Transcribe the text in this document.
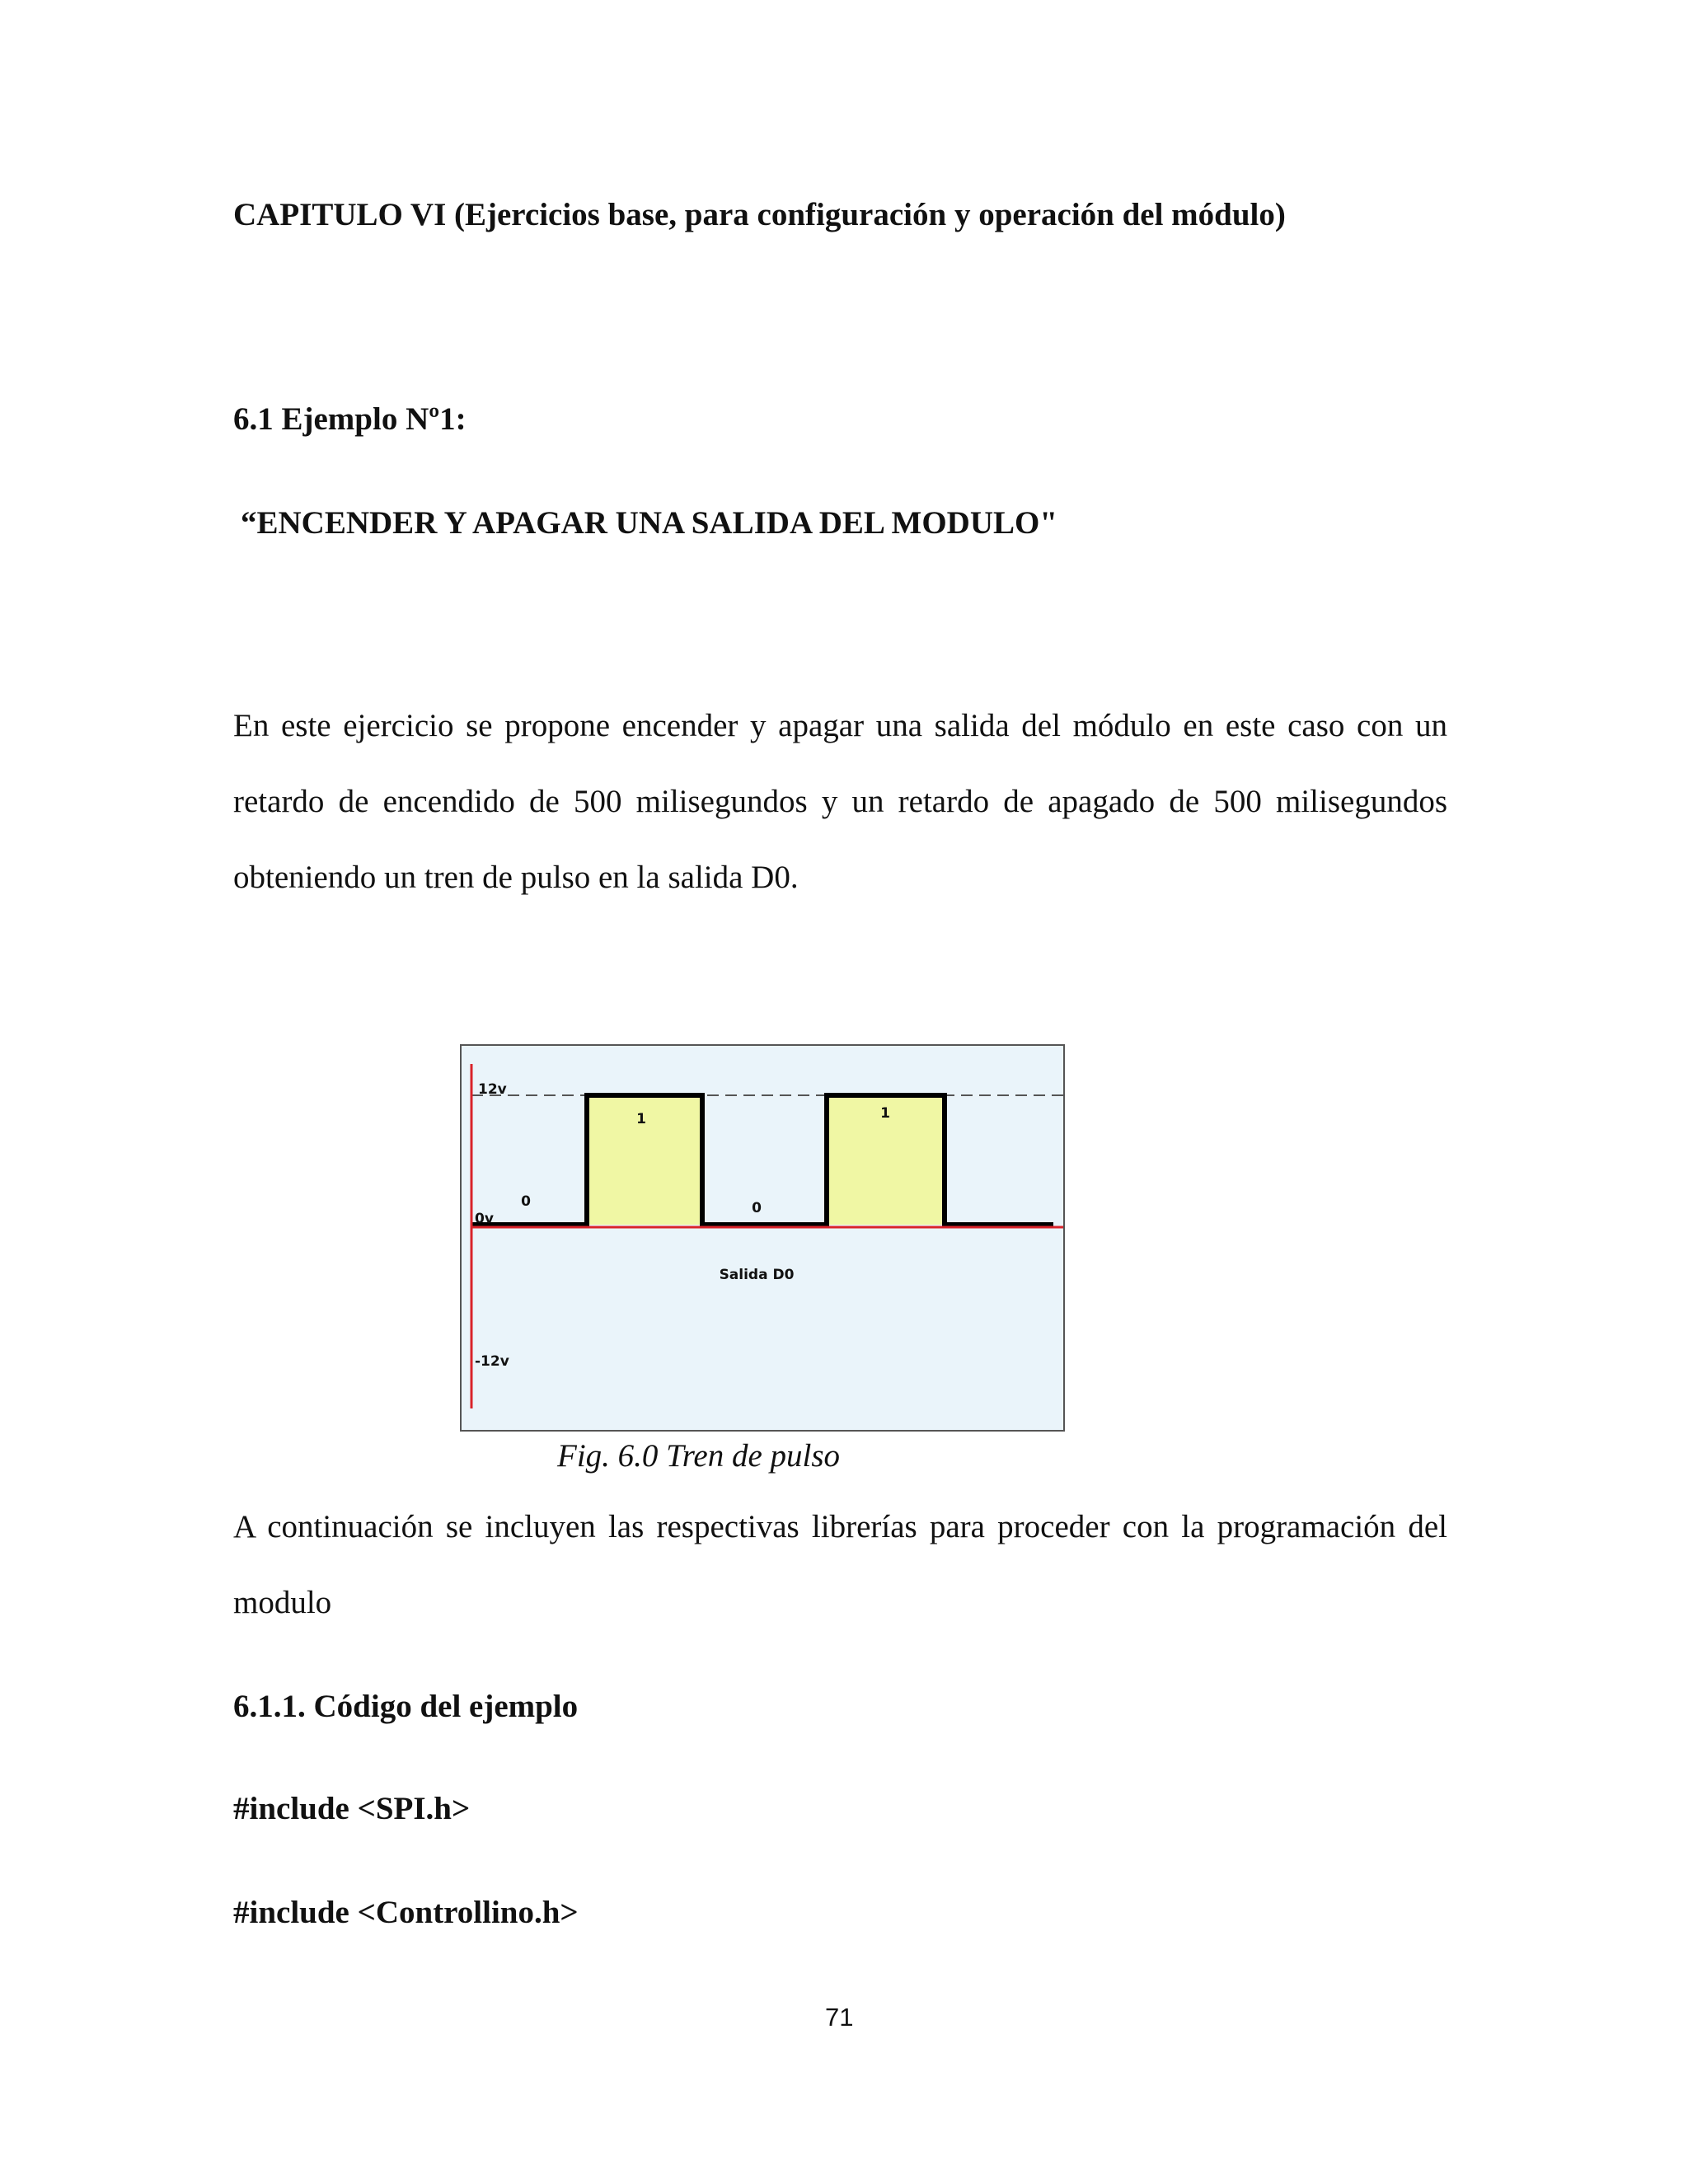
CAPITULO VI (Ejercicios base, para configuración y operación del módulo)
6.1 Ejemplo Nº1:
“ENCENDER Y APAGAR UNA SALIDA DEL MODULO"
En este ejercicio se propone encender y apagar una salida del módulo en este caso con un
retardo de encendido de 500 milisegundos y un retardo de apagado de 500 milisegundos
obteniendo un tren de pulso en la salida D0.
12v
0v
-12v
0
1
0
1
Salida D0
Fig. 6.0 Tren de pulso
A continuación se incluyen las respectivas librerías para proceder con la programación del
modulo
6.1.1. Código del ejemplo
#include <SPI.h>
#include <Controllino.h>
71
